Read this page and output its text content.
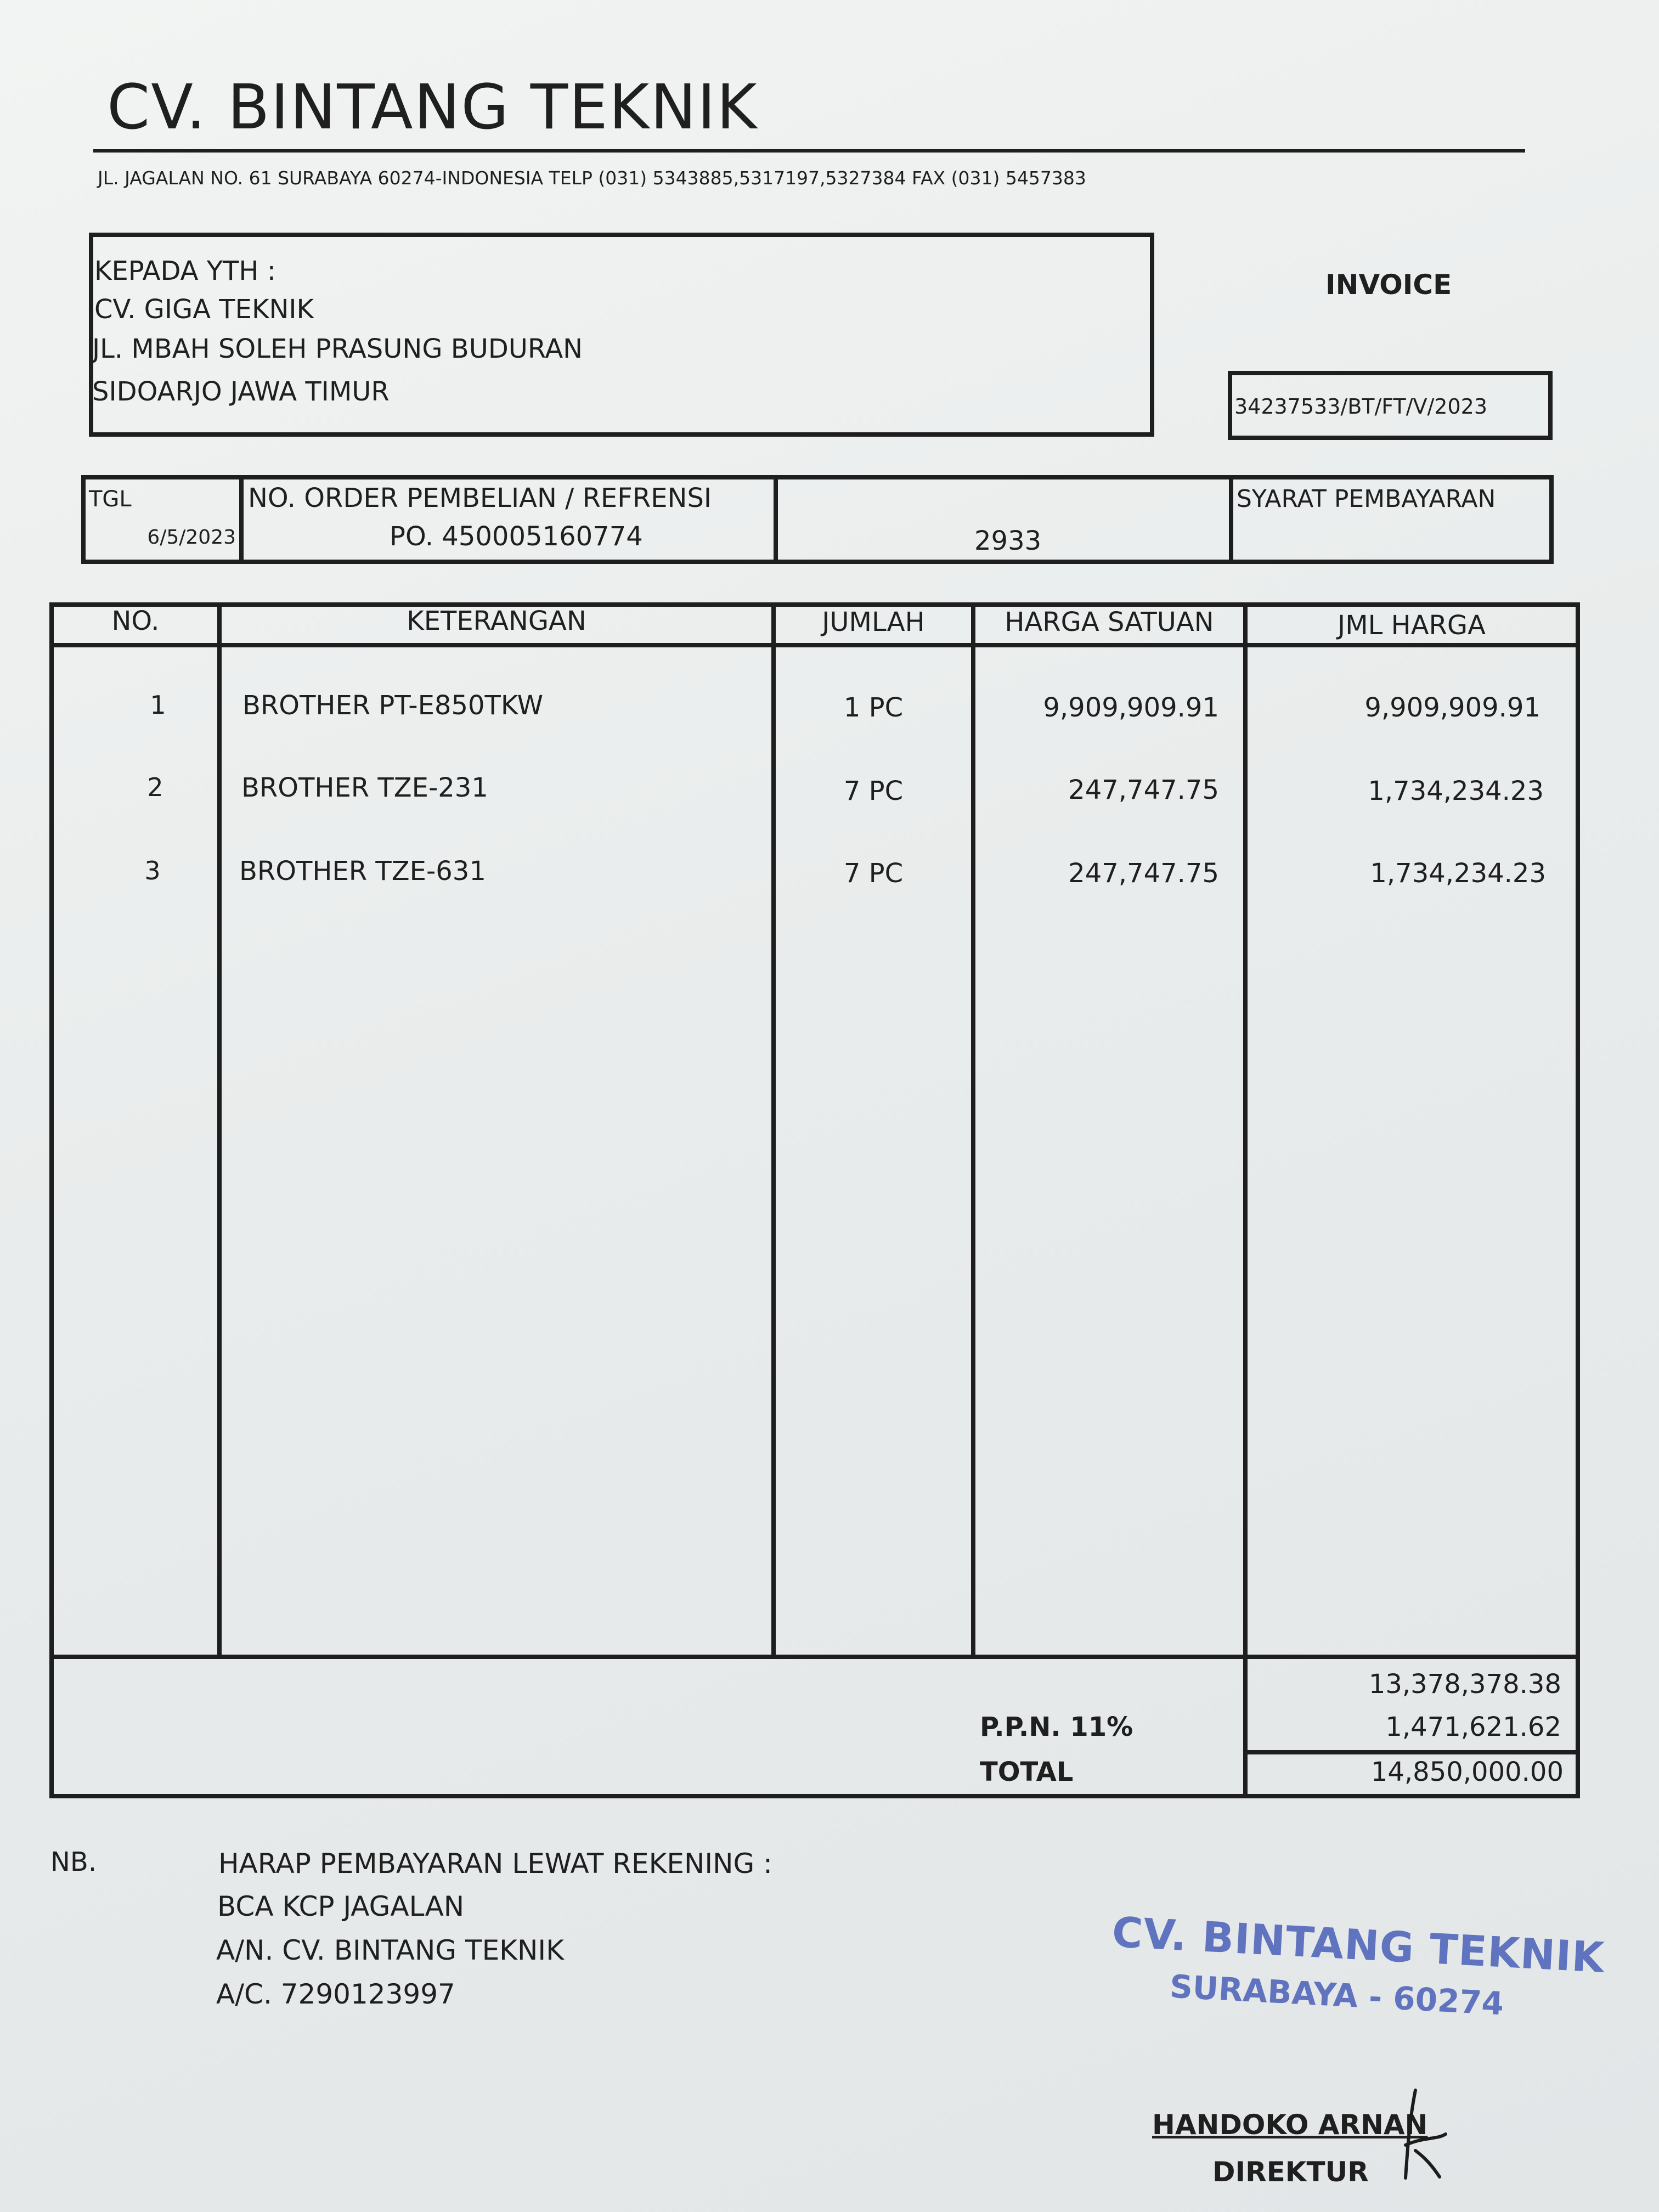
CV. BINTANG TEKNIK
JL. JAGALAN NO. 61 SURABAYA 60274-INDONESIA TELP (031) 5343885,5317197,5327384 FAX (031) 5457383
KEPADA YTH :
CV. GIGA TEKNIK
JL. MBAH SOLEH PRASUNG BUDURAN
SIDOARJO JAWA TIMUR
INVOICE
34237533/BT/FT/V/2023
TGL
6/5/2023
NO. ORDER PEMBELIAN / REFRENSI
PO. 450005160774	2933
SYARAT PEMBAYARAN
NO.	KETERANGAN	JUMLAH	HARGA SATUAN	JML HARGA
1	BROTHER PT-E850TKW	1 PC	9,909,909.91	9,909,909.91
2	BROTHER TZE-231	7 PC	247,747.75	1,734,234.23
3	BROTHER TZE-631	7 PC	247,747.75	1,734,234.23
13,378,378.38
P.P.N. 11%	1,471,621.62
TOTAL	14,850,000.00
NB.	HARAP PEMBAYARAN LEWAT REKENING :
BCA KCP JAGALAN
A/N. CV. BINTANG TEKNIK
A/C. 7290123997
CV. BINTANG TEKNIK
SURABAYA - 60274
HANDOKO ARNAN
DIREKTUR
